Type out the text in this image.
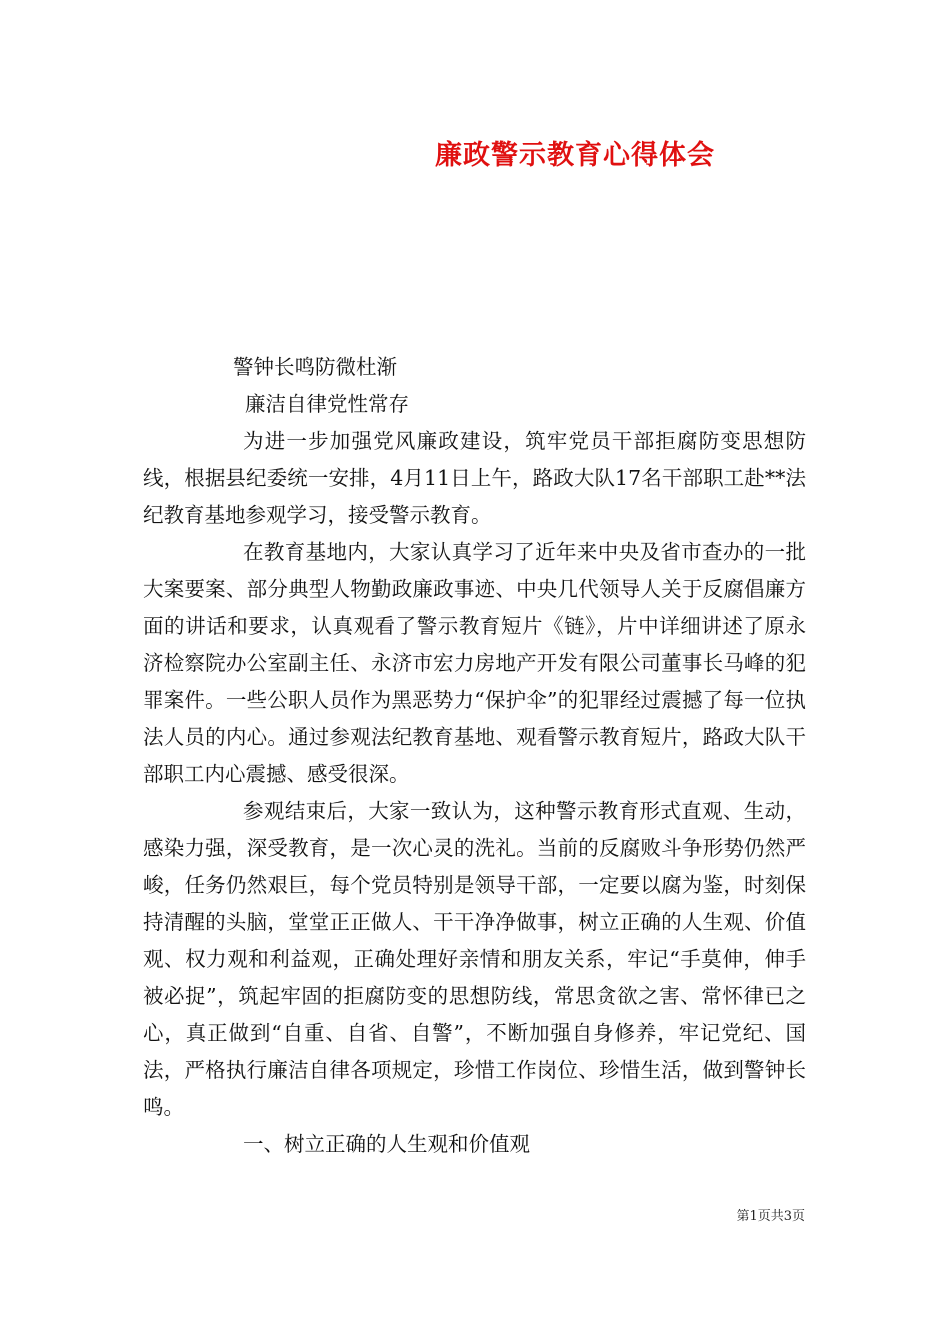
廉政警示教育心得体会

警钟长鸣防微杜渐

廉洁自律党性常存

为进一步加强党风廉政建设，筑牢党员干部拒腐防变思想防线，根据县纪委统一安排，4月11日上午，路政大队17名干部职工赴**法纪教育基地参观学习，接受警示教育。

在教育基地内，大家认真学习了近年来中央及省市查办的一批大案要案、部分典型人物勤政廉政事迹、中央几代领导人关于反腐倡廉方面的讲话和要求，认真观看了警示教育短片《链》，片中详细讲述了原永济检察院办公室副主任、永济市宏力房地产开发有限公司董事长马峰的犯罪案件。一些公职人员作为黑恶势力“保护伞”的犯罪经过震撼了每一位执法人员的内心。通过参观法纪教育基地、观看警示教育短片，路政大队干部职工内心震撼、感受很深。

参观结束后，大家一致认为，这种警示教育形式直观、生动，感染力强，深受教育，是一次心灵的洗礼。当前的反腐败斗争形势仍然严峻，任务仍然艰巨，每个党员特别是领导干部，一定要以腐为鉴，时刻保持清醒的头脑，堂堂正正做人、干干净净做事，树立正确的人生观、价值观、权力观和利益观，正确处理好亲情和朋友关系，牢记“手莫伸，伸手被必捉”，筑起牢固的拒腐防变的思想防线，常思贪欲之害、常怀律已之心，真正做到“自重、自省、自警”，不断加强自身修养，牢记党纪、国法，严格执行廉洁自律各项规定，珍惜工作岗位、珍惜生活，做到警钟长鸣。

一、树立正确的人生观和价值观

第1页共3页
